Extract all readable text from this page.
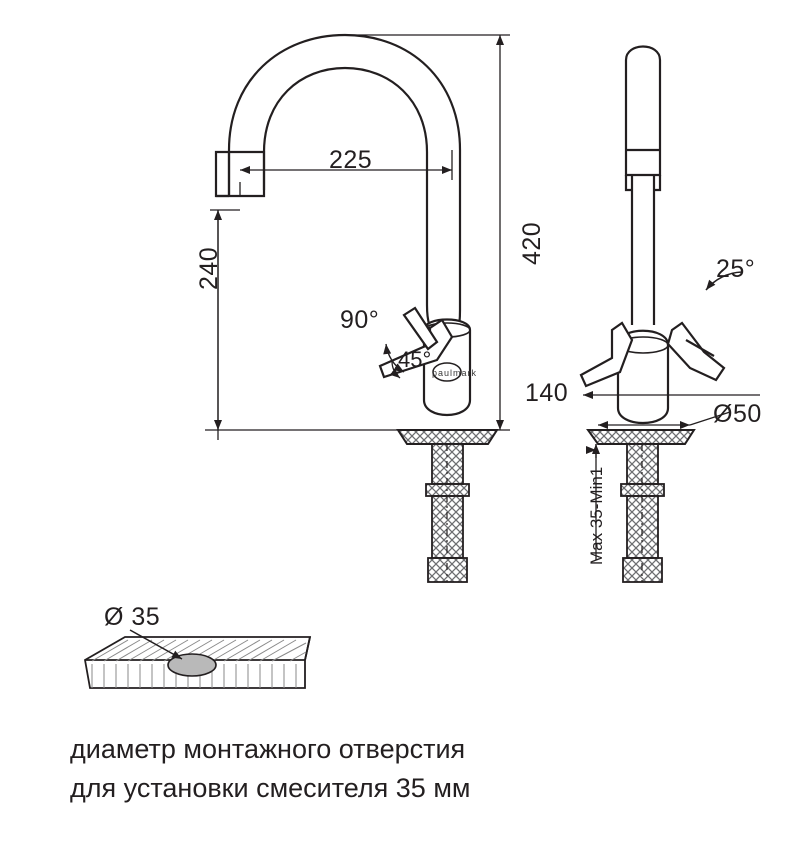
225
420
240
90°
45°
140
Ø50
25°
Max 35-Min1
Ø 35
paulmark
диаметр монтажного отверстия
для установки смесителя 35 мм
